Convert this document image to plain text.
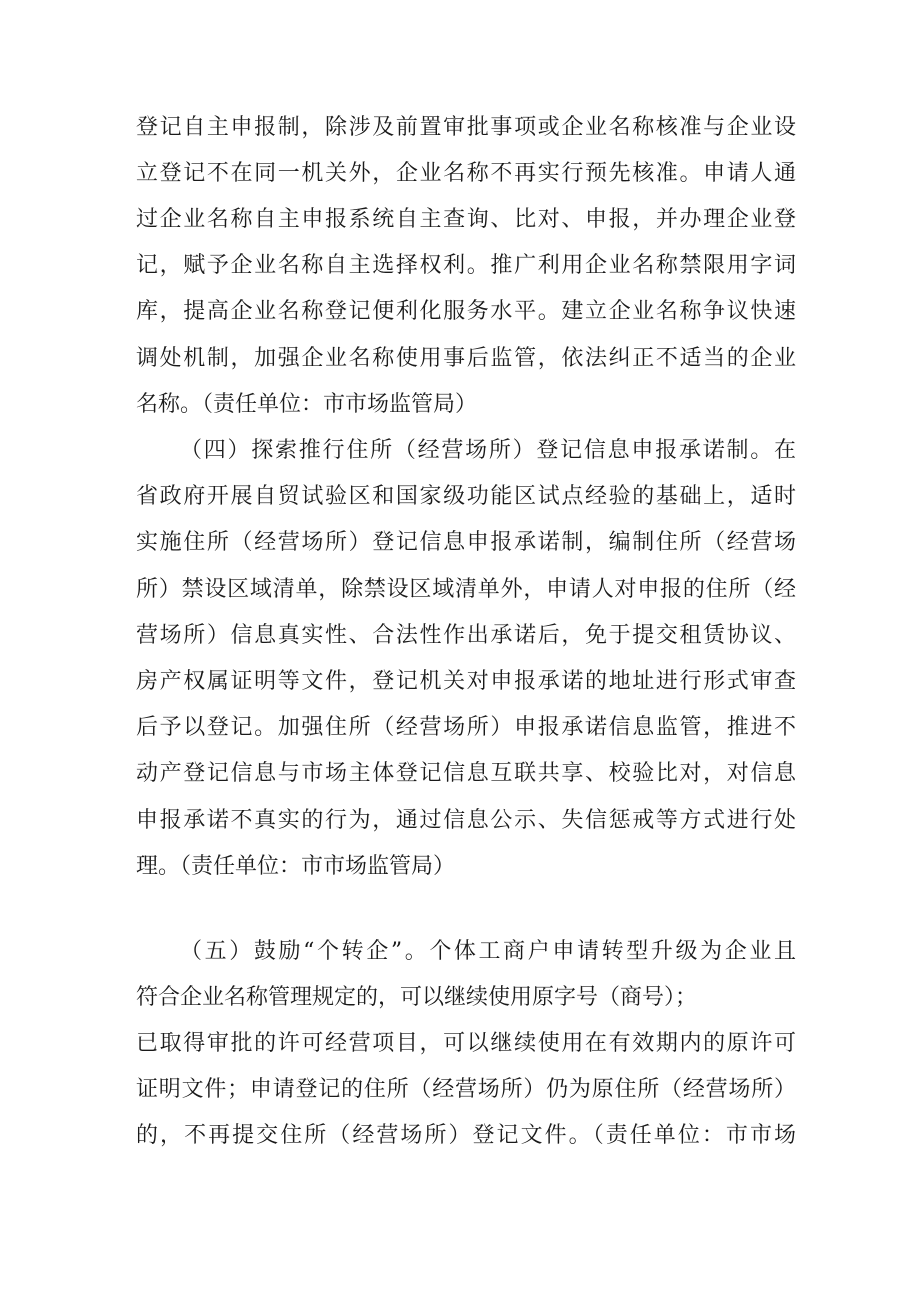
登记自主申报制，除涉及前置审批事项或企业名称核准与企业设
立登记不在同一机关外，企业名称不再实行预先核准。申请人通
过企业名称自主申报系统自主查询、比对、申报，并办理企业登
记，赋予企业名称自主选择权利。推广利用企业名称禁限用字词
库，提高企业名称登记便利化服务水平。建立企业名称争议快速
调处机制，加强企业名称使用事后监管，依法纠正不适当的企业
名称。（责任单位：市市场监管局）
（四）探索推行住所（经营场所）登记信息申报承诺制。在
省政府开展自贸试验区和国家级功能区试点经验的基础上，适时
实施住所（经营场所）登记信息申报承诺制，编制住所（经营场
所）禁设区域清单，除禁设区域清单外，申请人对申报的住所（经
营场所）信息真实性、合法性作出承诺后，免于提交租赁协议、
房产权属证明等文件，登记机关对申报承诺的地址进行形式审查
后予以登记。加强住所（经营场所）申报承诺信息监管，推进不
动产登记信息与市场主体登记信息互联共享、校验比对，对信息
申报承诺不真实的行为，通过信息公示、失信惩戒等方式进行处
理。（责任单位：市市场监管局）
（五）鼓励“个转企”。个体工商户申请转型升级为企业且
符合企业名称管理规定的，可以继续使用原字号（商号）；
已取得审批的许可经营项目，可以继续使用在有效期内的原许可
证明文件；申请登记的住所（经营场所）仍为原住所（经营场所）
的，不再提交住所（经营场所）登记文件。（责任单位：市市场
